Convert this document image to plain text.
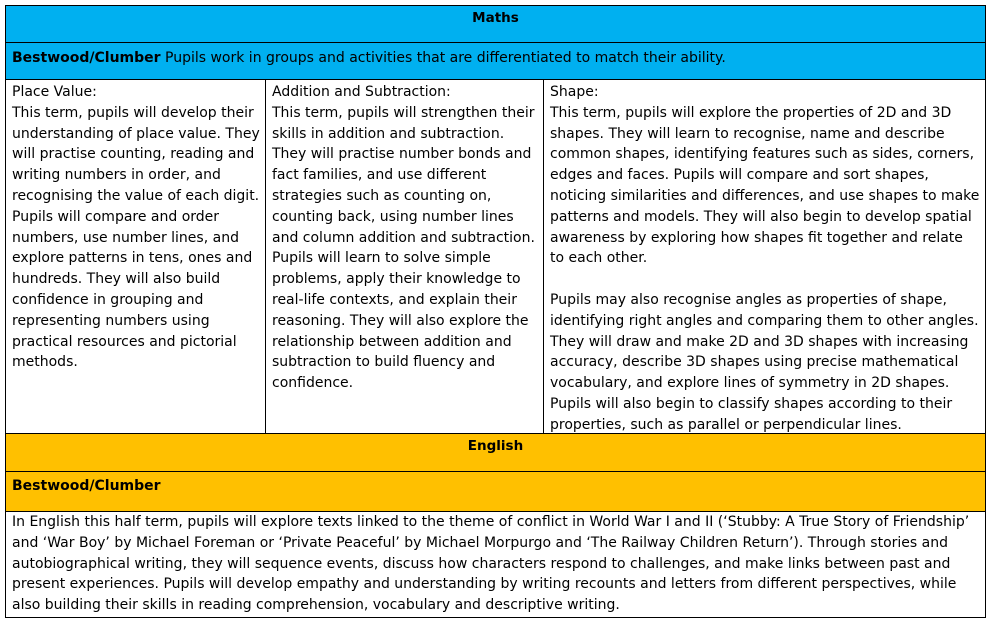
Maths
Bestwood/Clumber Pupils work in groups and activities that are differentiated to match their ability.
Place Value:

This term, pupils will develop their understanding of place value. They will practise counting, reading and writing numbers in order, and recognising the value of each digit. Pupils will compare and order numbers, use number lines, and explore patterns in tens, ones and hundreds. They will also build confidence in grouping and representing numbers using practical resources and pictorial methods.

Addition and Subtraction:

This term, pupils will strengthen their skills in addition and subtraction. They will practise number bonds and fact families, and use different strategies such as counting on, counting back, using number lines and column addition and subtraction. Pupils will learn to solve simple problems, apply their knowledge to real-life contexts, and explain their reasoning. They will also explore the relationship between addition and subtraction to build fluency and confidence.

Shape:

This term, pupils will explore the properties of 2D and 3D shapes. They will learn to recognise, name and describe common shapes, identifying features such as sides, corners, edges and faces. Pupils will compare and sort shapes, noticing similarities and differences, and use shapes to make patterns and models. They will also begin to develop spatial awareness by exploring how shapes fit together and relate to each other.

Pupils may also recognise angles as properties of shape, identifying right angles and comparing them to other angles. They will draw and make 2D and 3D shapes with increasing accuracy, describe 3D shapes using precise mathematical vocabulary, and explore lines of symmetry in 2D shapes. Pupils will also begin to classify shapes according to their properties, such as parallel or perpendicular lines.

English
Bestwood/Clumber

In English this half term, pupils will explore texts linked to the theme of conflict in World War I and II (‘Stubby: A True Story of Friendship’ and ‘War Boy’ by Michael Foreman or ‘Private Peaceful’ by Michael Morpurgo and ‘The Railway Children Return’). Through stories and autobiographical writing, they will sequence events, discuss how characters respond to challenges, and make links between past and present experiences. Pupils will develop empathy and understanding by writing recounts and letters from different perspectives, while also building their skills in reading comprehension, vocabulary and descriptive writing.
